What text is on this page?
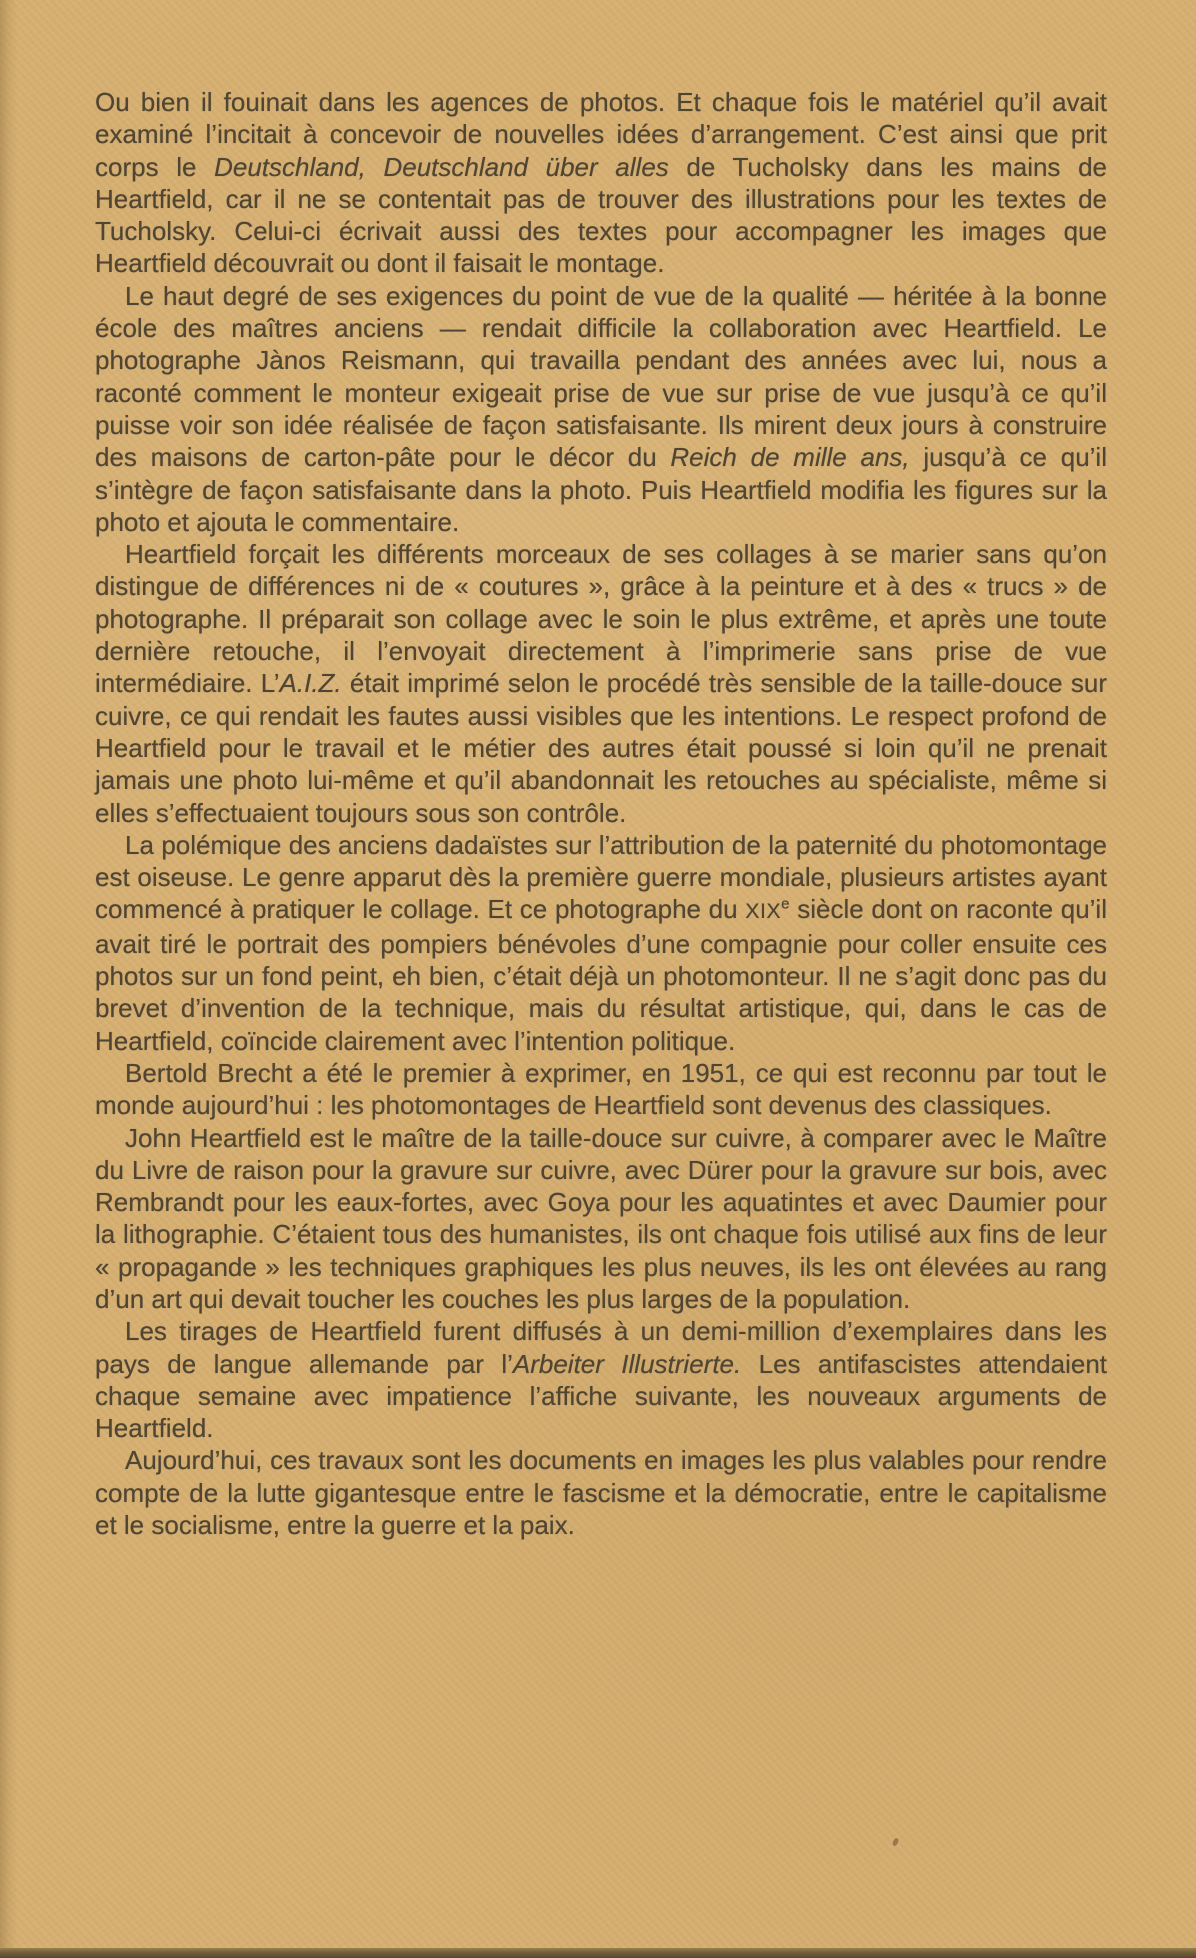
Ou bien il fouinait dans les agences de photos. Et chaque fois le matériel qu’il avait examiné l’incitait à concevoir de nouvelles idées d’arrangement. C’est ainsi que prit corps le Deutschland, Deutschland über alles de Tucholsky dans les mains de Heartfield, car il ne se contentait pas de trouver des illustrations pour les textes de Tucholsky. Celui-ci écrivait aussi des textes pour accompagner les images que Heartfield découvrait ou dont il faisait le montage.

Le haut degré de ses exigences du point de vue de la qualité — héritée à la bonne école des maîtres anciens — rendait difficile la collaboration avec Heartfield. Le photographe Jànos Reismann, qui travailla pendant des années avec lui, nous a raconté comment le monteur exigeait prise de vue sur prise de vue jusqu’à ce qu’il puisse voir son idée réalisée de façon satisfaisante. Ils mirent deux jours à construire des maisons de carton-pâte pour le décor du Reich de mille ans, jusqu’à ce qu’il s’intègre de façon satisfaisante dans la photo. Puis Heartfield modifia les figures sur la photo et ajouta le commentaire.

Heartfield forçait les différents morceaux de ses collages à se marier sans qu’on distingue de différences ni de « coutures », grâce à la peinture et à des « trucs » de photographe. Il préparait son collage avec le soin le plus extrême, et après une toute dernière retouche, il l’envoyait directement à l’imprimerie sans prise de vue intermédiaire. L’A.I.Z. était imprimé selon le procédé très sensible de la taille-douce sur cuivre, ce qui rendait les fautes aussi visibles que les intentions. Le respect profond de Heartfield pour le travail et le métier des autres était poussé si loin qu’il ne prenait jamais une photo lui-même et qu’il abandonnait les retouches au spécialiste, même si elles s’effectuaient toujours sous son contrôle.

La polémique des anciens dadaïstes sur l’attribution de la paternité du photomontage est oiseuse. Le genre apparut dès la première guerre mondiale, plusieurs artistes ayant commencé à pratiquer le collage. Et ce photographe du XIXe siècle dont on raconte qu’il avait tiré le portrait des pompiers bénévoles d’une compagnie pour coller ensuite ces photos sur un fond peint, eh bien, c’était déjà un photomonteur. Il ne s’agit donc pas du brevet d’invention de la technique, mais du résultat artistique, qui, dans le cas de Heartfield, coïncide clairement avec l’intention politique.

Bertold Brecht a été le premier à exprimer, en 1951, ce qui est reconnu par tout le monde aujourd’hui : les photomontages de Heartfield sont devenus des classiques.

John Heartfield est le maître de la taille-douce sur cuivre, à comparer avec le Maître du Livre de raison pour la gravure sur cuivre, avec Dürer pour la gravure sur bois, avec Rembrandt pour les eaux-fortes, avec Goya pour les aquatintes et avec Daumier pour la lithographie. C’étaient tous des humanistes, ils ont chaque fois utilisé aux fins de leur « propagande » les techniques graphiques les plus neuves, ils les ont élevées au rang d’un art qui devait toucher les couches les plus larges de la population.

Les tirages de Heartfield furent diffusés à un demi-million d’exemplaires dans les pays de langue allemande par l’Arbeiter Illustrierte. Les antifascistes attendaient chaque semaine avec impatience l’affiche suivante, les nouveaux arguments de Heartfield.

Aujourd’hui, ces travaux sont les documents en images les plus valables pour rendre compte de la lutte gigantesque entre le fascisme et la démocratie, entre le capitalisme et le socialisme, entre la guerre et la paix.
